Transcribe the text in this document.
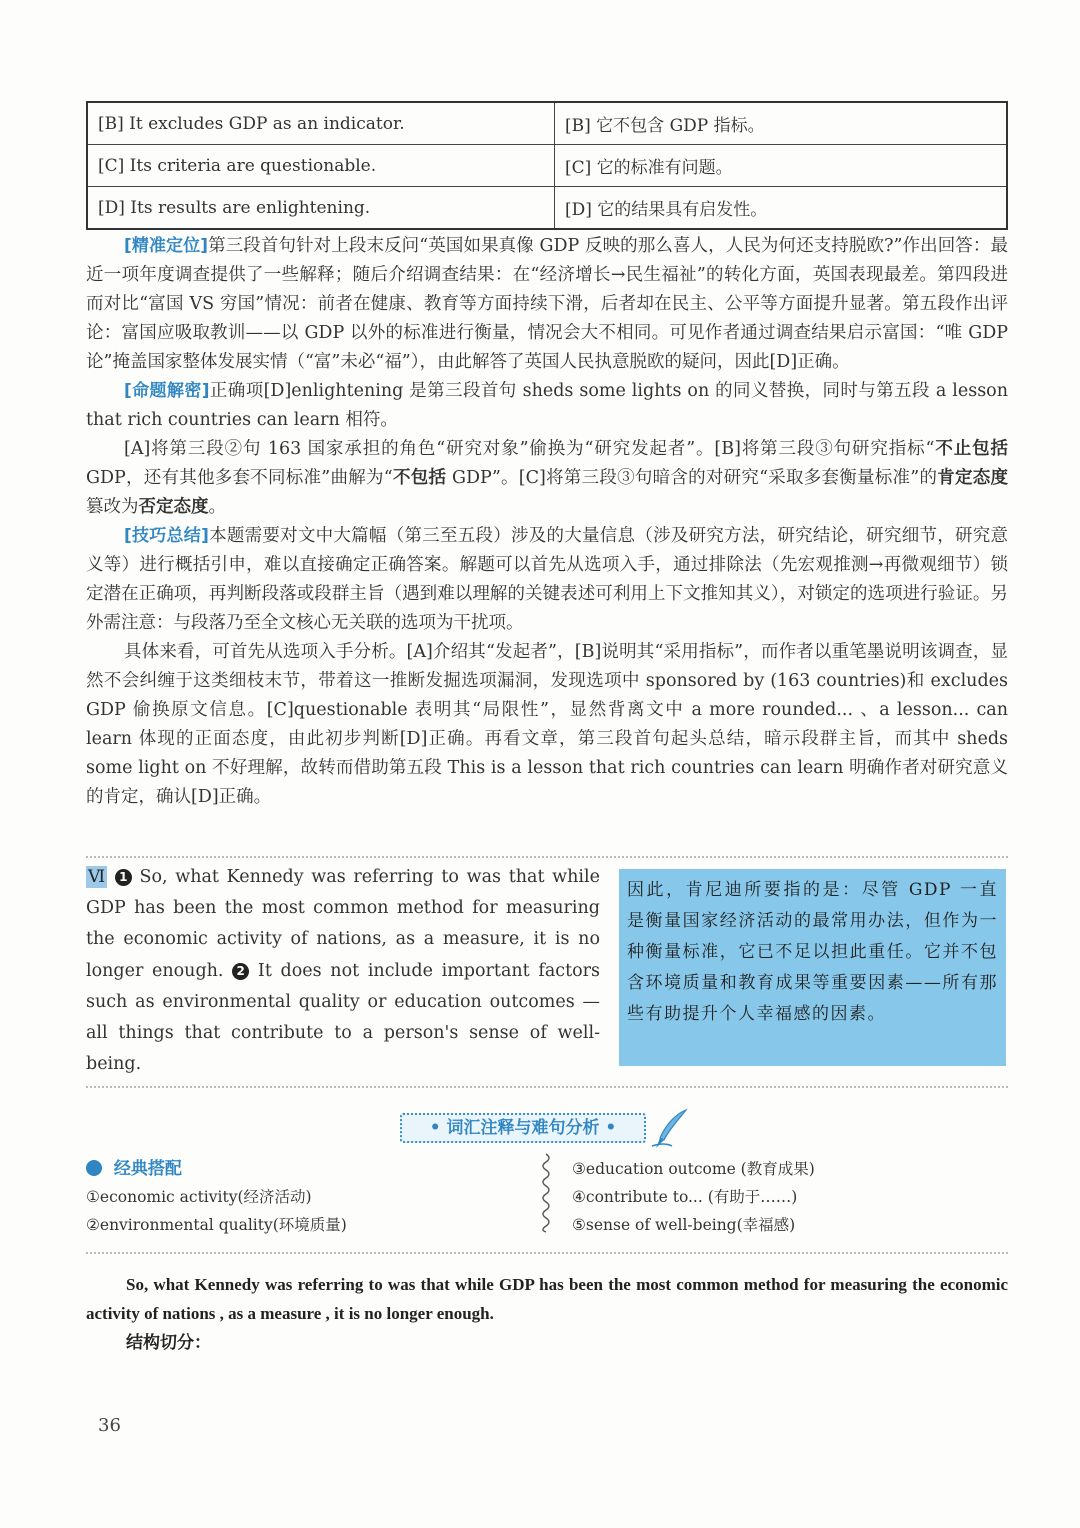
[B] It excludes GDP as an indicator.	[B] 它不包含 GDP 指标。
[C] Its criteria are questionable.	[C] 它的标准有问题。
[D] Its results are enlightening.	[D] 它的结果具有启发性。

[精准定位]第三段首句针对上段末反问“英国如果真像 GDP 反映的那么喜人，人民为何还支持脱欧?”作出回答：最近一项年度调查提供了一些解释；随后介绍调查结果：在“经济增长→民生福祉”的转化方面，英国表现最差。第四段进而对比“富国 VS 穷国”情况：前者在健康、教育等方面持续下滑，后者却在民主、公平等方面提升显著。第五段作出评论：富国应吸取教训——以 GDP 以外的标准进行衡量，情况会大不相同。可见作者通过调查结果启示富国：“唯 GDP 论”掩盖国家整体发展实情（“富”未必“福”），由此解答了英国人民执意脱欧的疑问，因此[D]正确。

[命题解密]正确项[D]enlightening 是第三段首句 sheds some lights on 的同义替换，同时与第五段 a lesson that rich countries can learn 相符。

[A]将第三段②句 163 国家承担的角色“研究对象”偷换为“研究发起者”。[B]将第三段③句研究指标“不止包括 GDP，还有其他多套不同标准”曲解为“不包括 GDP”。[C]将第三段③句暗含的对研究“采取多套衡量标准”的肯定态度篡改为否定态度。

[技巧总结]本题需要对文中大篇幅（第三至五段）涉及的大量信息（涉及研究方法，研究结论，研究细节，研究意义等）进行概括引申，难以直接确定正确答案。解题可以首先从选项入手，通过排除法（先宏观推测→再微观细节）锁定潜在正确项，再判断段落或段群主旨（遇到难以理解的关键表述可利用上下文推知其义），对锁定的选项进行验证。另外需注意：与段落乃至全文核心无关联的选项为干扰项。

具体来看，可首先从选项入手分析。[A]介绍其“发起者”，[B]说明其“采用指标”，而作者以重笔墨说明该调查，显然不会纠缠于这类细枝末节，带着这一推断发掘选项漏洞，发现选项中 sponsored by (163 countries)和 excludes GDP 偷换原文信息。[C]questionable 表明其“局限性”，显然背离文中 a more rounded... 、a lesson... can learn 体现的正面态度，由此初步判断[D]正确。再看文章，第三段首句起头总结，暗示段群主旨，而其中 sheds some light on 不好理解，故转而借助第五段 This is a lesson that rich countries can learn 明确作者对研究意义的肯定，确认[D]正确。

Ⅵ 1 So, what Kennedy was referring to was that while GDP has been the most common method for measuring the economic activity of nations, as a measure, it is no longer enough. 2 It does not include important factors such as environmental quality or education outcomes — all things that contribute to a person's sense of well-being.
因此，肯尼迪所要指的是：尽管 GDP 一直是衡量国家经济活动的最常用办法，但作为一种衡量标准，它已不足以担此重任。它并不包含环境质量和教育成果等重要因素——所有那些有助提升个人幸福感的因素。
• 词汇注释与难句分析 •
经典搭配
①economic activity(经济活动)
②environmental quality(环境质量)
③education outcome (教育成果)
④contribute to... (有助于……)
⑤sense of well-being(幸福感)
So, what Kennedy was referring to was that while GDP has been the most common method for measuring the economic activity of nations , as a measure , it is no longer enough.
结构切分：
36
